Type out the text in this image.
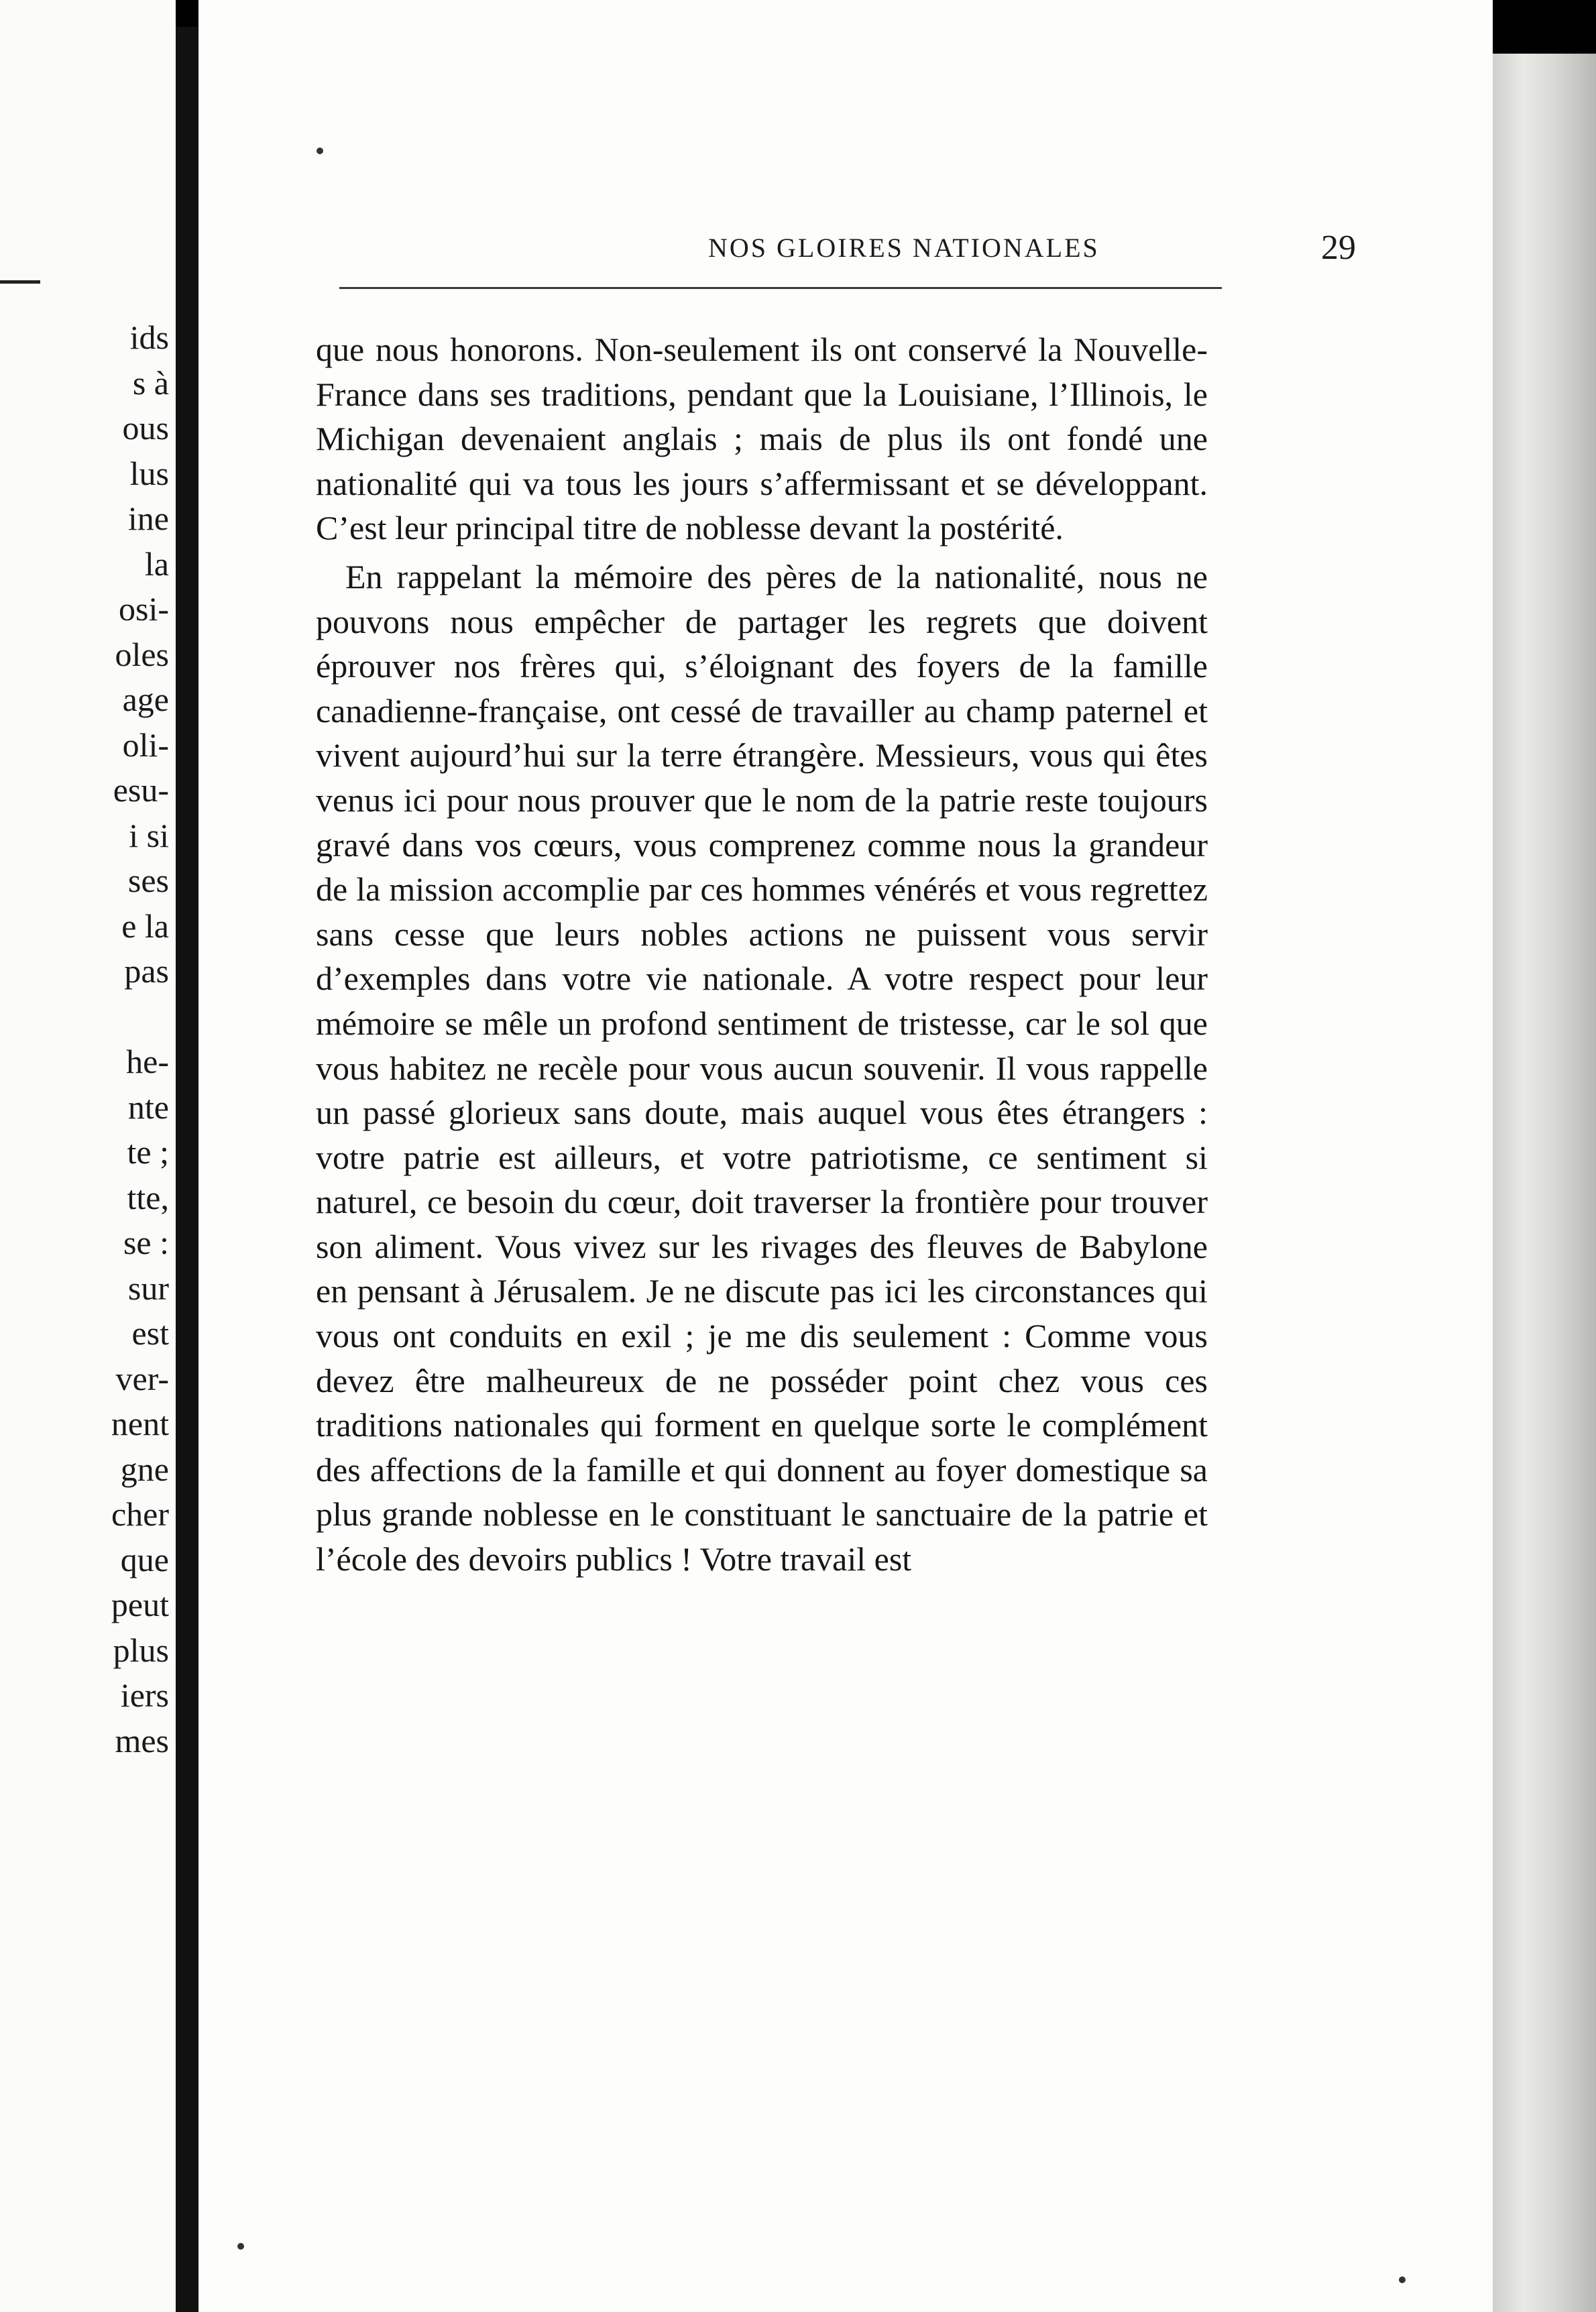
ids
s à
ous
lus
ine
la
osi-
oles
age
oli-
esu-
i si
ses
e la
pas
he-
nte
te ;
tte,
se :
sur
est
ver-
nent
gne
cher
que
peut
plus
iers
mes
NOS GLOIRES NATIONALES	29

que nous honorons. Non-seulement ils ont conservé la Nouvelle-France dans ses traditions, pendant que la Louisiane, l’Illinois, le Michigan devenaient anglais ; mais de plus ils ont fondé une nationalité qui va tous les jours s’affermissant et se développant. C’est leur principal titre de noblesse devant la postérité.

En rappelant la mémoire des pères de la nationalité, nous ne pouvons nous empêcher de partager les regrets que doivent éprouver nos frères qui, s’éloignant des foyers de la famille canadienne-française, ont cessé de travailler au champ paternel et vivent aujourd’hui sur la terre étrangère. Messieurs, vous qui êtes venus ici pour nous prouver que le nom de la patrie reste toujours gravé dans vos cœurs, vous comprenez comme nous la grandeur de la mission accomplie par ces hommes vénérés et vous regrettez sans cesse que leurs nobles actions ne puissent vous servir d’exemples dans votre vie nationale. A votre respect pour leur mémoire se mêle un profond sentiment de tristesse, car le sol que vous habitez ne recèle pour vous aucun souvenir. Il vous rappelle un passé glorieux sans doute, mais auquel vous êtes étrangers : votre patrie est ailleurs, et votre patriotisme, ce sentiment si naturel, ce besoin du cœur, doit traverser la frontière pour trouver son aliment. Vous vivez sur les rivages des fleuves de Babylone en pensant à Jérusalem. Je ne discute pas ici les circonstances qui vous ont conduits en exil ; je me dis seulement : Comme vous devez être malheureux de ne posséder point chez vous ces traditions nationales qui forment en quelque sorte le complément des affections de la famille et qui donnent au foyer domestique sa plus grande noblesse en le constituant le sanctuaire de la patrie et l’école des devoirs publics ! Votre travail est
